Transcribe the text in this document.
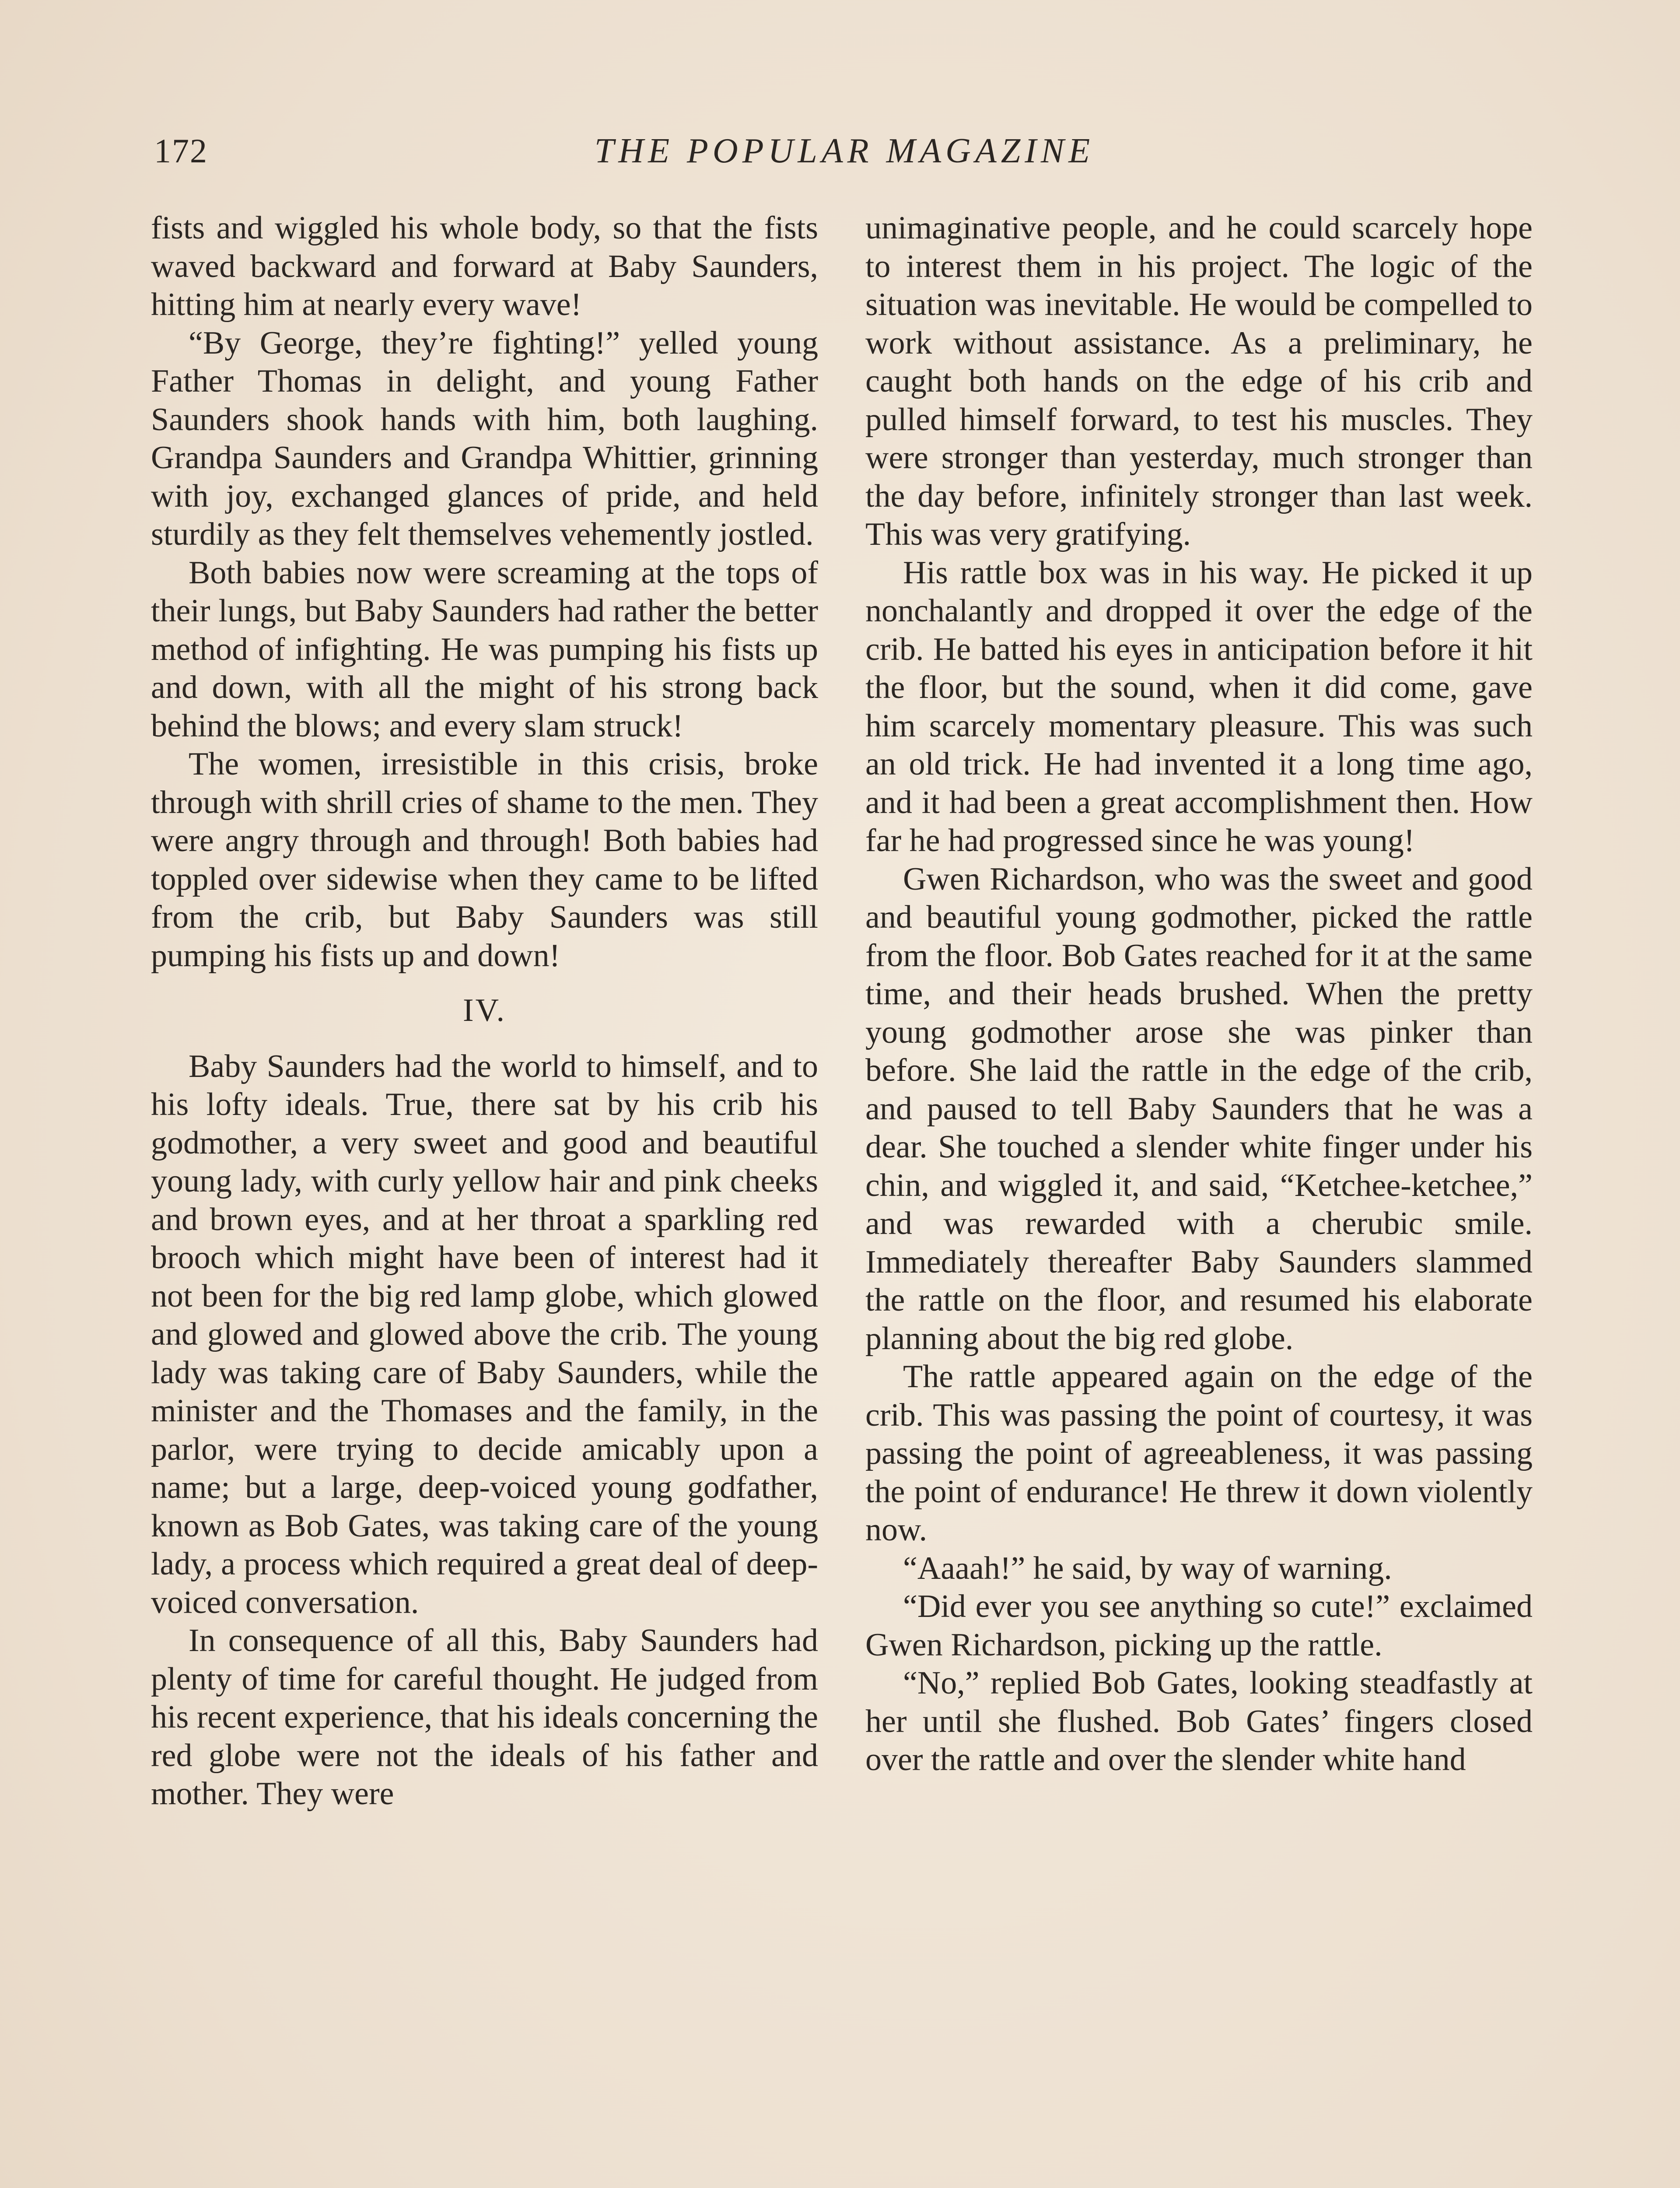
172	THE POPULAR MAGAZINE

fists and wiggled his whole body, so that the fists waved backward and forward at Baby Saunders, hitting him at nearly every wave!

“By George, they’re fighting!” yelled young Father Thomas in delight, and young Father Saunders shook hands with him, both laughing. Grandpa Saunders and Grandpa Whittier, grinning with joy, exchanged glances of pride, and held sturdily as they felt themselves vehemently jostled.

Both babies now were screaming at the tops of their lungs, but Baby Saunders had rather the better method of infighting. He was pumping his fists up and down, with all the might of his strong back behind the blows; and every slam struck!

The women, irresistible in this crisis, broke through with shrill cries of shame to the men. They were angry through and through! Both babies had toppled over sidewise when they came to be lifted from the crib, but Baby Saunders was still pumping his fists up and down!

IV.

Baby Saunders had the world to himself, and to his lofty ideals. True, there sat by his crib his godmother, a very sweet and good and beautiful young lady, with curly yellow hair and pink cheeks and brown eyes, and at her throat a sparkling red brooch which might have been of interest had it not been for the big red lamp globe, which glowed and glowed and glowed above the crib. The young lady was taking care of Baby Saunders, while the minister and the Thomases and the family, in the parlor, were trying to decide amicably upon a name; but a large, deep-voiced young godfather, known as Bob Gates, was taking care of the young lady, a process which required a great deal of deep-voiced conversation.

In consequence of all this, Baby Saunders had plenty of time for careful thought. He judged from his recent experience, that his ideals concerning the red globe were not the ideals of his father and mother. They were

unimaginative people, and he could scarcely hope to interest them in his project. The logic of the situation was inevitable. He would be compelled to work without assistance. As a preliminary, he caught both hands on the edge of his crib and pulled himself forward, to test his muscles. They were stronger than yesterday, much stronger than the day before, infinitely stronger than last week. This was very gratifying.

His rattle box was in his way. He picked it up nonchalantly and dropped it over the edge of the crib. He batted his eyes in anticipation before it hit the floor, but the sound, when it did come, gave him scarcely momentary pleasure. This was such an old trick. He had invented it a long time ago, and it had been a great accomplishment then. How far he had progressed since he was young!

Gwen Richardson, who was the sweet and good and beautiful young godmother, picked the rattle from the floor. Bob Gates reached for it at the same time, and their heads brushed. When the pretty young godmother arose she was pinker than before. She laid the rattle in the edge of the crib, and paused to tell Baby Saunders that he was a dear. She touched a slender white finger under his chin, and wiggled it, and said, “Ketchee-ketchee,” and was rewarded with a cherubic smile. Immediately thereafter Baby Saunders slammed the rattle on the floor, and resumed his elaborate planning about the big red globe.

The rattle appeared again on the edge of the crib. This was passing the point of courtesy, it was passing the point of agreeableness, it was passing the point of endurance! He threw it down violently now.

“Aaaah!” he said, by way of warning.

“Did ever you see anything so cute!” exclaimed Gwen Richardson, picking up the rattle.

“No,” replied Bob Gates, looking steadfastly at her until she flushed. Bob Gates’ fingers closed over the rattle and over the slender white hand
